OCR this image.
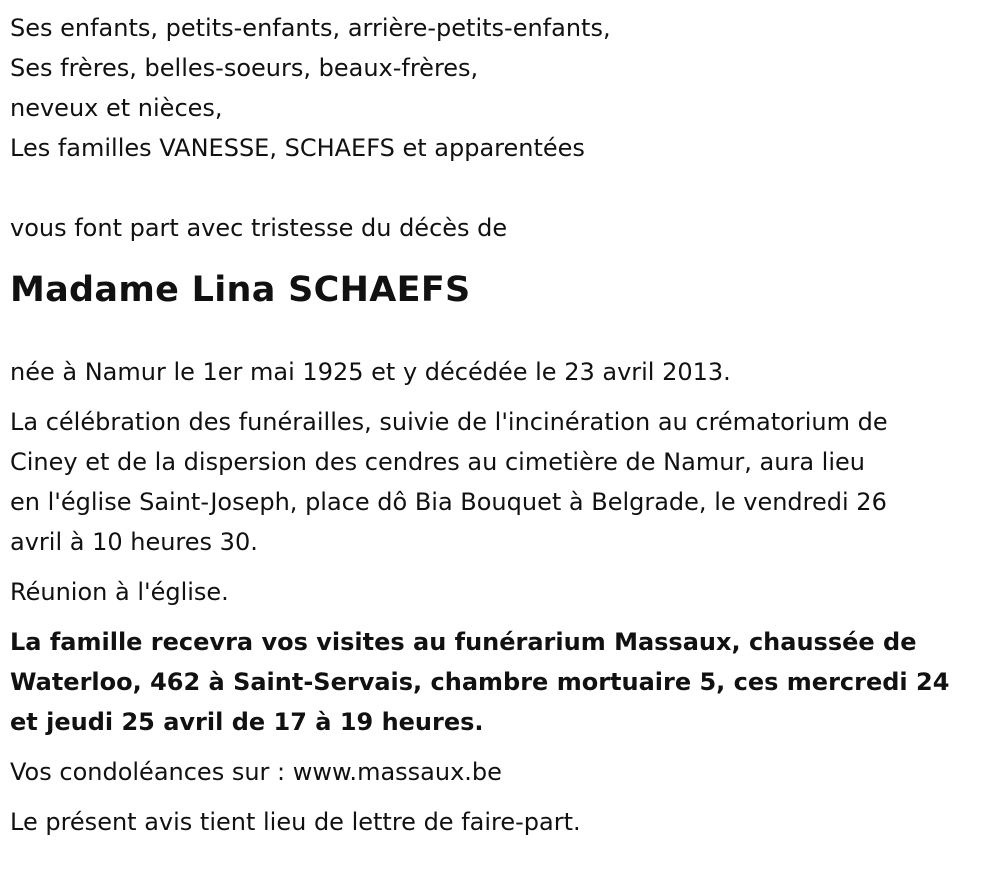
Ses enfants, petits-enfants, arrière-petits-enfants,

Ses frères, belles-soeurs, beaux-frères,

neveux et nièces,

Les familles VANESSE, SCHAEFS et apparentées

vous font part avec tristesse du décès de

Madame Lina SCHAEFS

née à Namur le 1er mai 1925 et y décédée le 23 avril 2013.

La célébration des funérailles, suivie de l'incinération au crématorium de
Ciney et de la dispersion des cendres au cimetière de Namur, aura lieu
en l'église Saint-Joseph, place dô Bia Bouquet à Belgrade, le vendredi 26
avril à 10 heures 30.

Réunion à l'église.

La famille recevra vos visites au funérarium Massaux, chaussée de
Waterloo, 462 à Saint-Servais, chambre mortuaire 5, ces mercredi 24
et jeudi 25 avril de 17 à 19 heures.

Vos condoléances sur : www.massaux.be

Le présent avis tient lieu de lettre de faire-part.
